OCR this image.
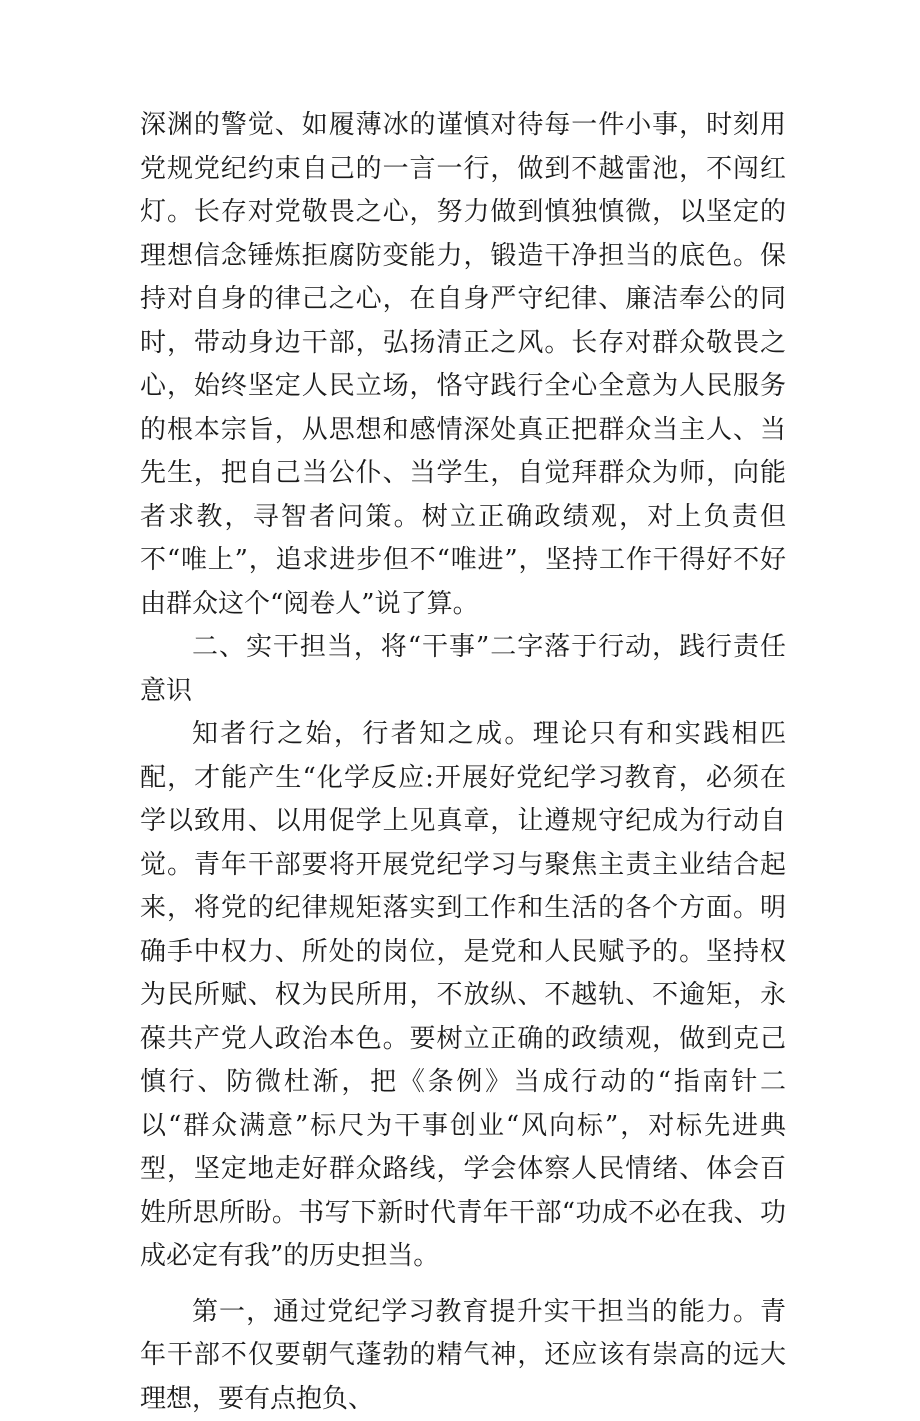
深渊的警觉、如履薄冰的谨慎对待每一件小事，时刻用党规党纪约束自己的一言一行，做到不越雷池，不闯红灯。长存对党敬畏之心，努力做到慎独慎微，以坚定的理想信念锤炼拒腐防变能力，锻造干净担当的底色。保持对自身的律己之心，在自身严守纪律、廉洁奉公的同时，带动身边干部，弘扬清正之风。长存对群众敬畏之心，始终坚定人民立场，恪守践行全心全意为人民服务的根本宗旨，从思想和感情深处真正把群众当主人、当先生，把自己当公仆、当学生，自觉拜群众为师，向能者求教，寻智者问策。树立正确政绩观，对上负责但不“唯上”，追求进步但不“唯进”，坚持工作干得好不好由群众这个“阅卷人”说了算。

二、实干担当，将“干事”二字落于行动，践行责任意识

知者行之始，行者知之成。理论只有和实践相匹配，才能产生“化学反应:开展好党纪学习教育，必须在学以致用、以用促学上见真章，让遵规守纪成为行动自觉。青年干部要将开展党纪学习与聚焦主责主业结合起来，将党的纪律规矩落实到工作和生活的各个方面。明确手中权力、所处的岗位，是党和人民赋予的。坚持权为民所赋、权为民所用，不放纵、不越轨、不逾矩，永葆共产党人政治本色。要树立正确的政绩观，做到克己慎行、防微杜渐，把《条例》当成行动的“指南针二以“群众满意”标尺为干事创业“风向标”，对标先进典型，坚定地走好群众路线，学会体察人民情绪、体会百姓所思所盼。书写下新时代青年干部“功成不必在我、功成必定有我”的历史担当。

第一，通过党纪学习教育提升实干担当的能力。青年干部不仅要朝气蓬勃的精气神，还应该有崇高的远大理想，要有点抱负、
